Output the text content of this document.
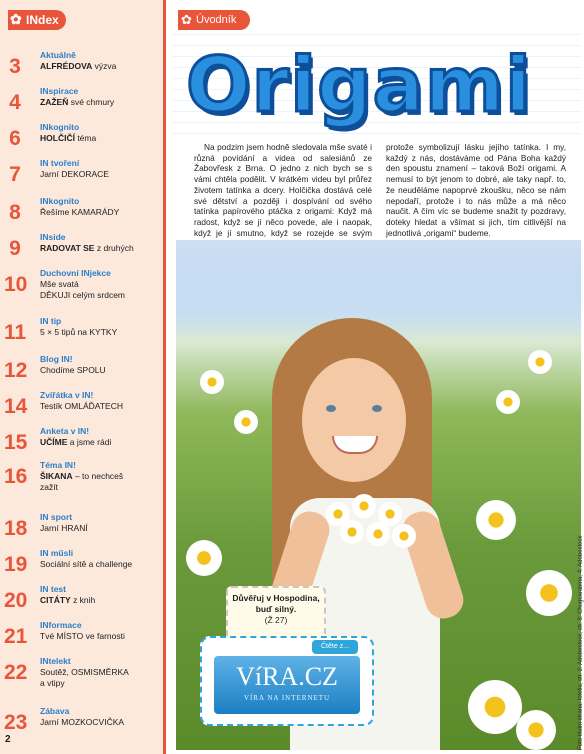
✿ INdex
3	Aktuálně
ALFRÉDOVA výzva
4	INspirace
ZAŽEŇ své chmury
6	INkognito
HOLČIČÍ téma
7	IN tvoření
Jarní DEKORACE
8	INkognito
Řešíme KAMARÁDY
9	INside
RADOVAT SE z druhých
10 Duchovní INjekce
Mše svatá
DĚKUJI celým srdcem
11 IN tip
5 × 5 tipů na KYTKY
12 Blog IN!
Chodíme SPOLU
14 Zvířátka v IN!
Testík OMLÁĎATECH
15 Anketa v IN!
UČÍME a jsme rádi
16 Téma IN!
ŠIKANA – to nechceš
zažít
18 IN sport
Jarní HRANÍ
19 IN műsli
Sociální sítě a challenge
20 IN test
CITÁTY z knih
21 INformace
Tvé MÍSTO ve farnosti
22 INtelekt
Soutěž, OSMISMĚRKA
a vtipy
23 Zábava
Jarní MOZKOCVIČKA
✿ Úvodník
Origami

Na podzim jsem hodně sledovala mše svaté i různá povídání a videa od salesiánů ze Žabovřesk z Brna. O jedno z nich bych se s vámi chtěla podělit. V krátkém videu byl průřez životem tatínka a dcery. Holčička dostává celé své dětství a později i dospívání od svého tatínka papírového ptáčka z origami: Když má radost, když se jí něco povede, ale i naopak, když je jí smutno, když se rozejde se svým

protože symbolizují lásku jejího tatínka. I my, každý z nás, dostáváme od Pána Boha každý den spoustu znamení – taková Boží origami. A nemusí to být jenom to dobré, ale taky např. to, že neuděláme napoprvé zkoušku, něco se nám nepodaří, protože i to nás může a má něco naučit. A čím víc se budeme snažit ty pozdravy, doteky hledat a všímat si jich, tím citlivější na jednotlivá „origami“ budeme.

Důvěřuj v Hospodina,
buď silný.
(Ž 27)
Čtěte z...
VíRA.CZ
VÍRA NA INTERNETU	Foto titulní strana: fotolia, str. 2: Adobestock, str. 3: Chugcarabina, 4: Adobestock
2
